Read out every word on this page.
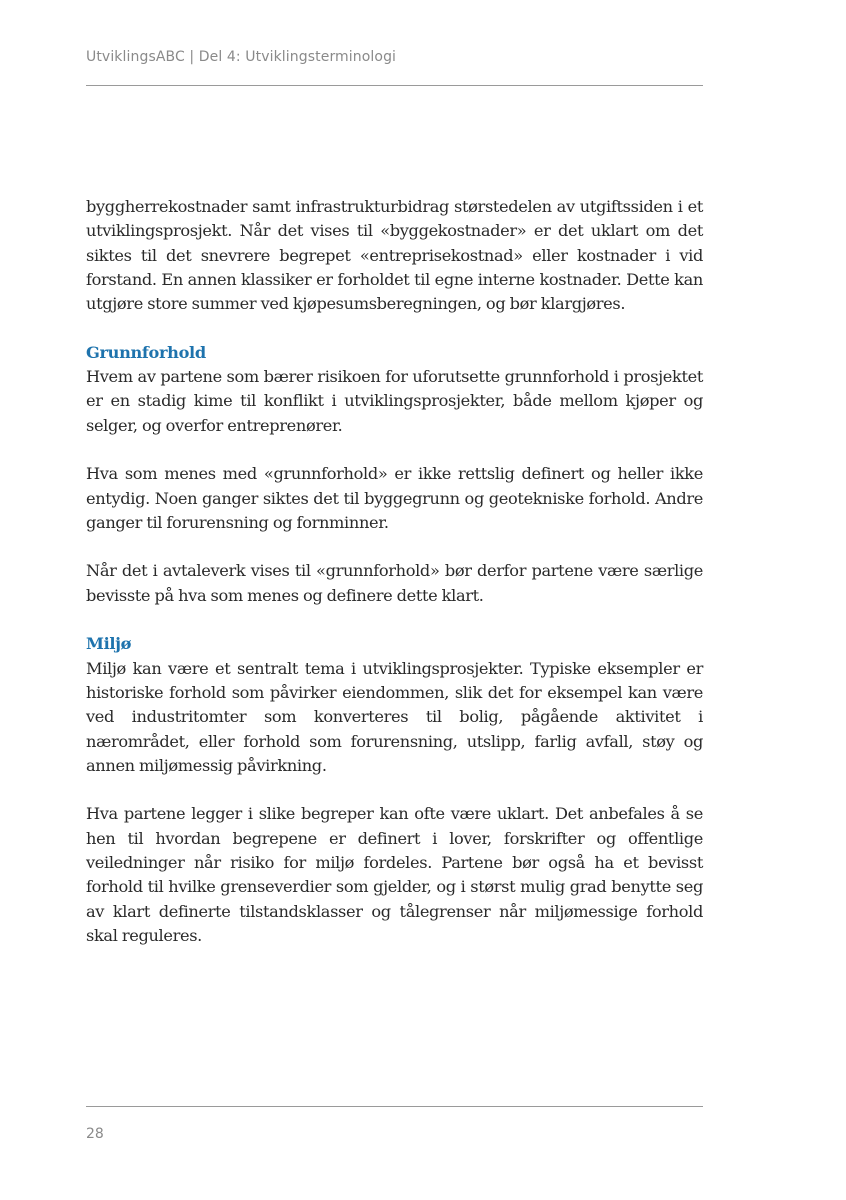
UtviklingsABC | Del 4: Utviklingsterminologi

byggherrekostnader samt infrastrukturbidrag størstedelen av utgiftssiden i et utviklingsprosjekt. Når det vises til «byggekostnader» er det uklart om det siktes til det snevrere begrepet «entreprisekostnad» eller kostnader i vid forstand. En annen klassiker er forholdet til egne interne kostnader. Dette kan utgjøre store summer ved kjøpesumsberegningen, og bør klargjøres.

Grunnforhold

Hvem av partene som bærer risikoen for uforutsette grunnforhold i prosjektet er en stadig kime til konflikt i utviklingsprosjekter, både mellom kjøper og selger, og overfor entreprenører.

Hva som menes med «grunnforhold» er ikke rettslig definert og heller ikke entydig. Noen ganger siktes det til byggegrunn og geotekniske forhold. Andre ganger til forurensning og fornminner.

Når det i avtaleverk vises til «grunnforhold» bør derfor partene være særlige bevisste på hva som menes og definere dette klart.

Miljø

Miljø kan være et sentralt tema i utviklingsprosjekter. Typiske eksempler er historiske forhold som påvirker eiendommen, slik det for eksempel kan være ved industritomter som konverteres til bolig, pågående aktivitet i nærområdet, eller forhold som forurensning, utslipp, farlig avfall, støy og annen miljømessig påvirkning.

Hva partene legger i slike begreper kan ofte være uklart. Det anbefales å se hen til hvordan begrepene er definert i lover, forskrifter og offentlige veiledninger når risiko for miljø fordeles. Partene bør også ha et bevisst forhold til hvilke grenseverdier som gjelder, og i størst mulig grad benytte seg av klart definerte tilstandsklasser og tålegrenser når miljømessige forhold skal reguleres.

28
